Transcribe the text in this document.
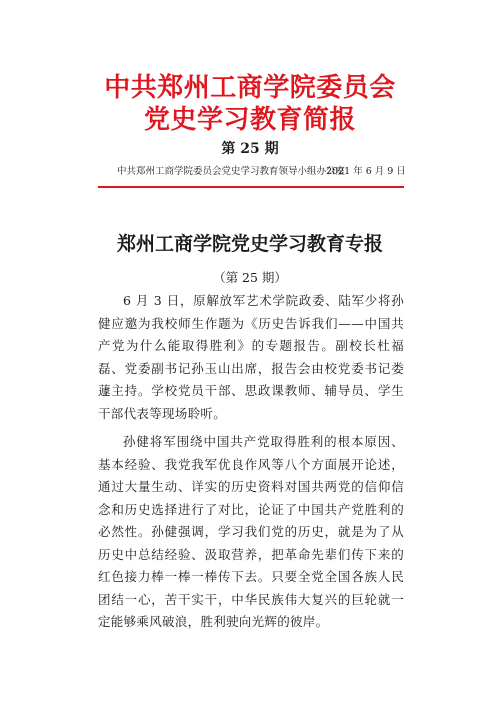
中共郑州工商学院委员会
党史学习教育简报
第 25 期
中共郑州工商学院委员会党史学习教育领导小组办公室
2021 年 6 月 9 日
郑州工商学院党史学习教育专报
（第 25 期）

6 月 3 日，原解放军艺术学院政委、陆军少将孙健应邀为我校师生作题为《历史告诉我们——中国共产党为什么能取得胜利》的专题报告。副校长杜福磊、党委副书记孙玉山出席，报告会由校党委书记娄蘧主持。学校党员干部、思政课教师、辅导员、学生干部代表等现场聆听。

孙健将军围绕中国共产党取得胜利的根本原因、基本经验、我党我军优良作风等八个方面展开论述，通过大量生动、详实的历史资料对国共两党的信仰信念和历史选择进行了对比，论证了中国共产党胜利的必然性。孙健强调，学习我们党的历史，就是为了从历史中总结经验、汲取营养，把革命先辈们传下来的红色接力棒一棒一棒传下去。只要全党全国各族人民团结一心，苦干实干，中华民族伟大复兴的巨轮就一定能够乘风破浪，胜利驶向光辉的彼岸。
